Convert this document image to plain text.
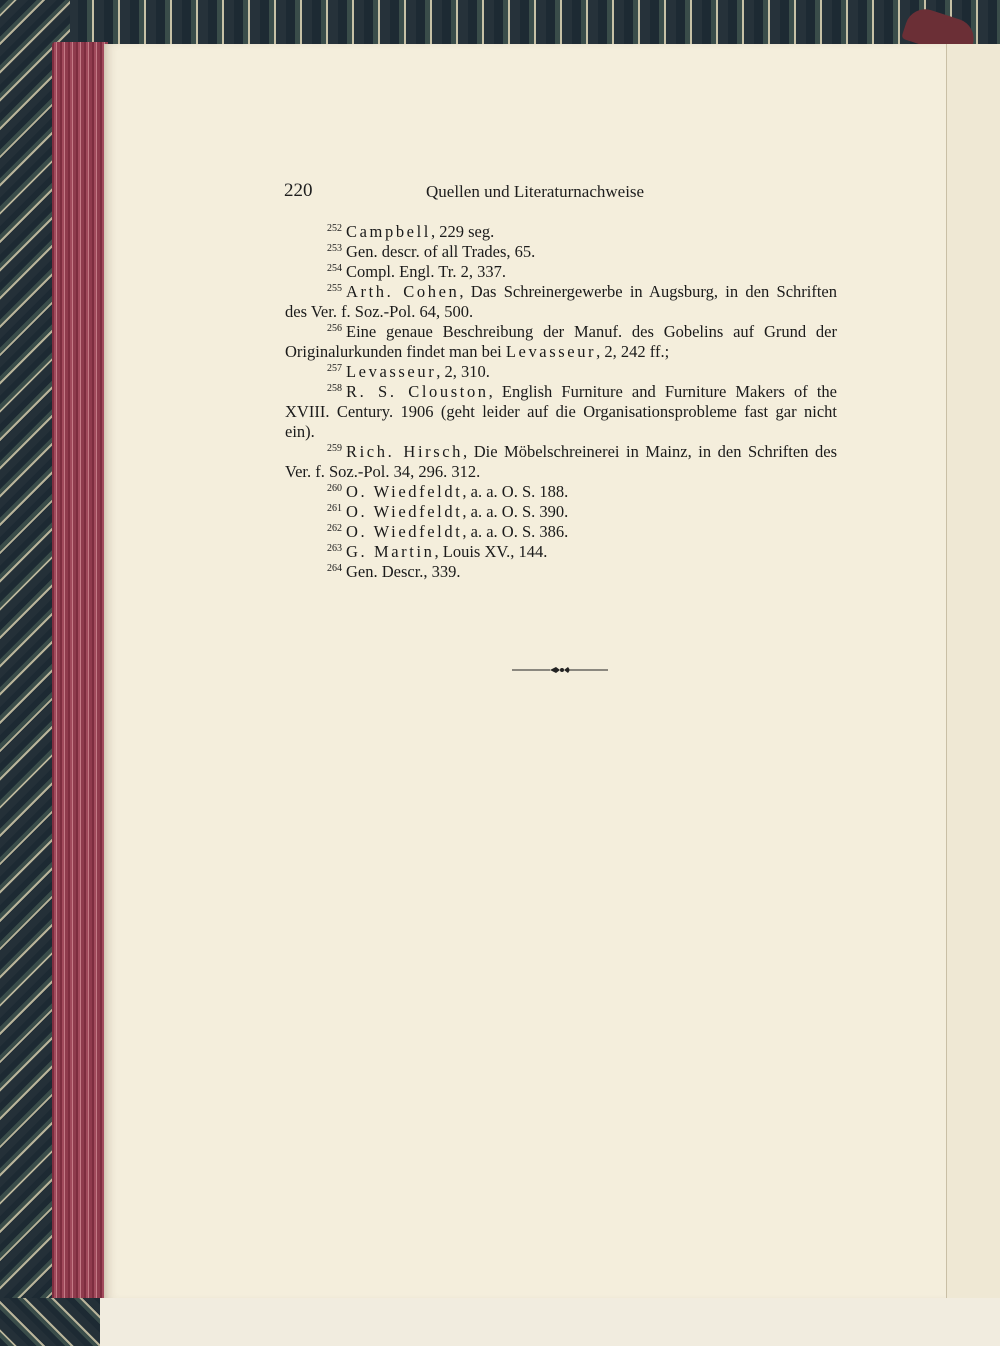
220	Quellen und Literaturnachweise

$^{252}$ Campbell, 229 seg.

$^{253}$ Gen. descr. of all Trades, 65.

$^{254}$ Compl. Engl. Tr. 2, 337.

$^{255}$ Arth. Cohen, Das Schreinergewerbe in Augsburg, in den Schriften des Ver. f. Soz.-Pol. 64, 500.

$^{256}$ Eine genaue Beschreibung der Manuf. des Gobelins auf Grund der Originalurkunden findet man bei Levasseur, 2, 242 ff.;

$^{257}$ Levasseur, 2, 310.

$^{258}$ R. S. Clouston, English Furniture and Furniture Makers of the XVIII. Century. 1906 (geht leider auf die Organisationsprobleme fast gar nicht ein).

$^{259}$ Rich. Hirsch, Die Möbelschreinerei in Mainz, in den Schriften des Ver. f. Soz.-Pol. 34, 296. 312.

$^{260}$ O. Wiedfeldt, a. a. O. S. 188.

$^{261}$ O. Wiedfeldt, a. a. O. S. 390.

$^{262}$ O. Wiedfeldt, a. a. O. S. 386.

$^{263}$ G. Martin, Louis XV., 144.

$^{264}$ Gen. Descr., 339.
